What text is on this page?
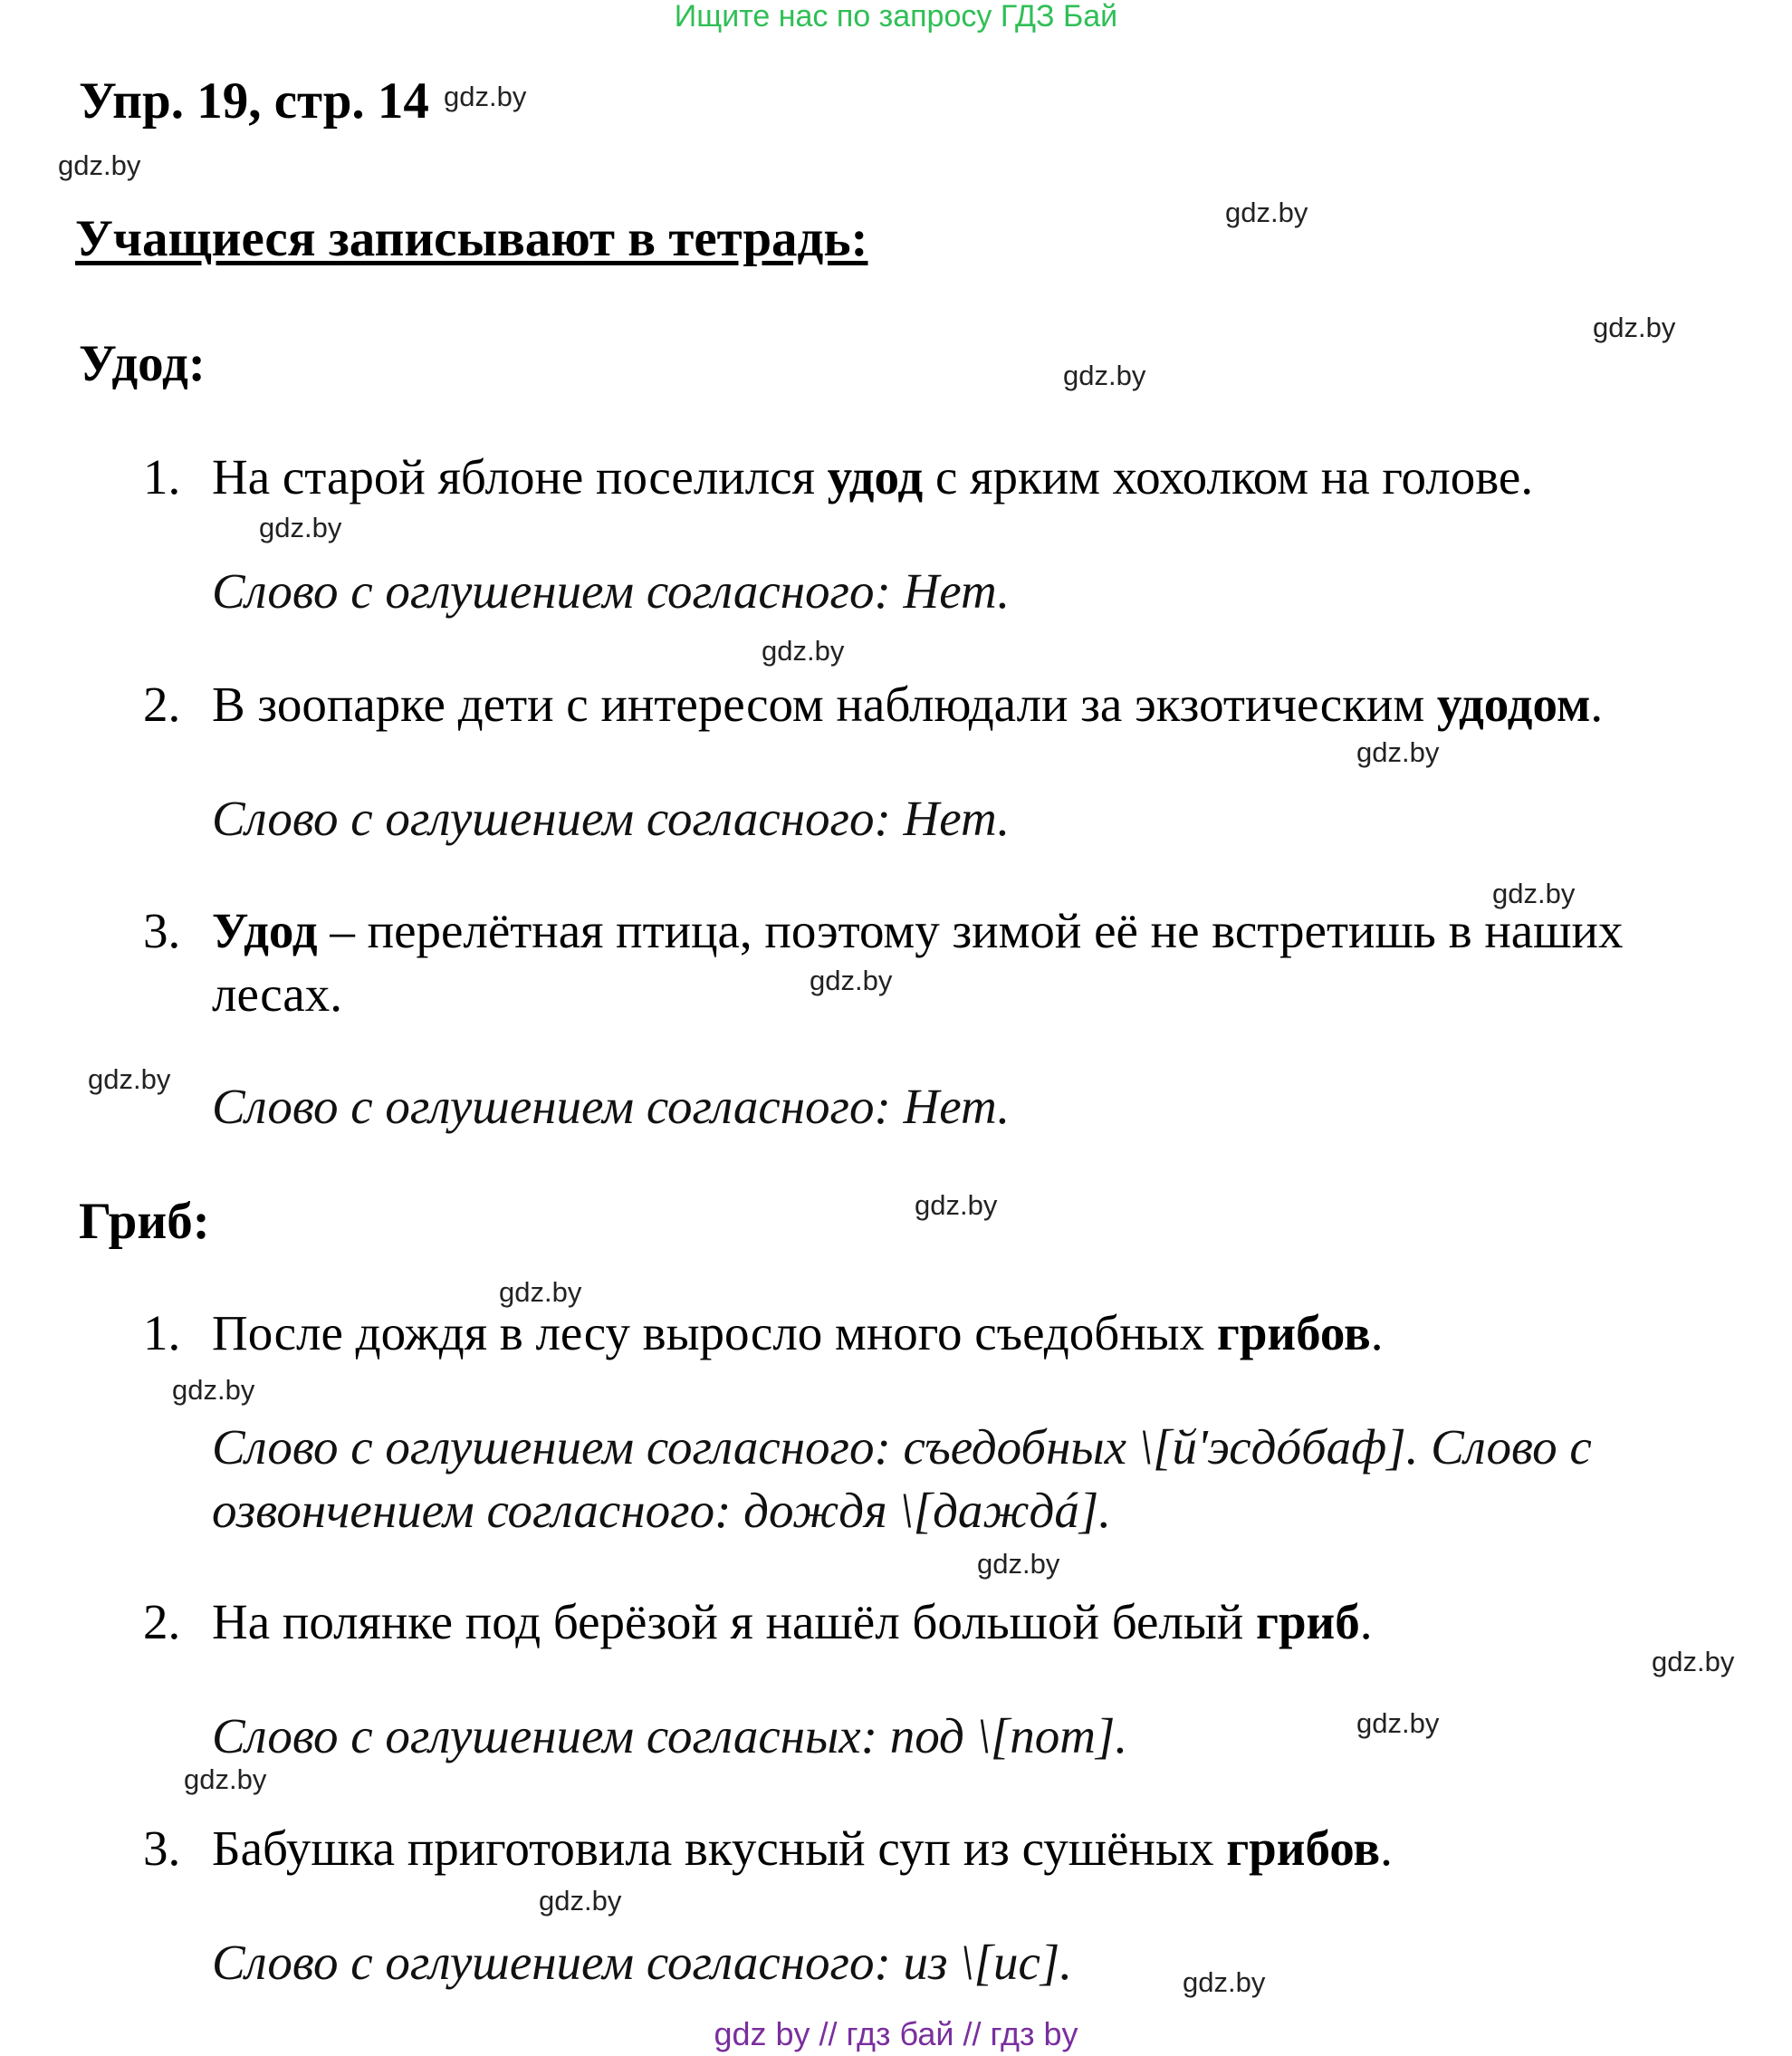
Ищите нас по запросу ГДЗ Бай
Упр. 19, стр. 14
Учащиеся записывают в тетрадь:
Удод:
1. На старой яблоне поселился удод с ярким хохолком на голове.
Слово с оглушением согласного: Нет.
2. В зоопарке дети с интересом наблюдали за экзотическим удодом.
Слово с оглушением согласного: Нет.
3. Удод – перелётная птица, поэтому зимой её не встретишь в наших лесах.
Слово с оглушением согласного: Нет.
Гриб:
1. После дождя в лесу выросло много съедобных грибов.
Слово с оглушением согласного: съедобных \[й'эсдóбаф]. Слово с озвончением согласного: дождя \[даждá].
2. На полянке под берёзой я нашёл большой белый гриб.
Слово с оглушением согласных: под \[пот].
3. Бабушка приготовила вкусный суп из сушёных грибов.
Слово с оглушением согласного: из \[ис].
gdz.by
gdz.by
gdz.by
gdz.by
gdz.by
gdz.by
gdz.by
gdz.by
gdz.by
gdz.by
gdz.by
gdz.by
gdz.by
gdz.by
gdz.by
gdz.by
gdz.by
gdz.by
gdz.by
gdz.by
gdz by // гдз бай // гдз by
